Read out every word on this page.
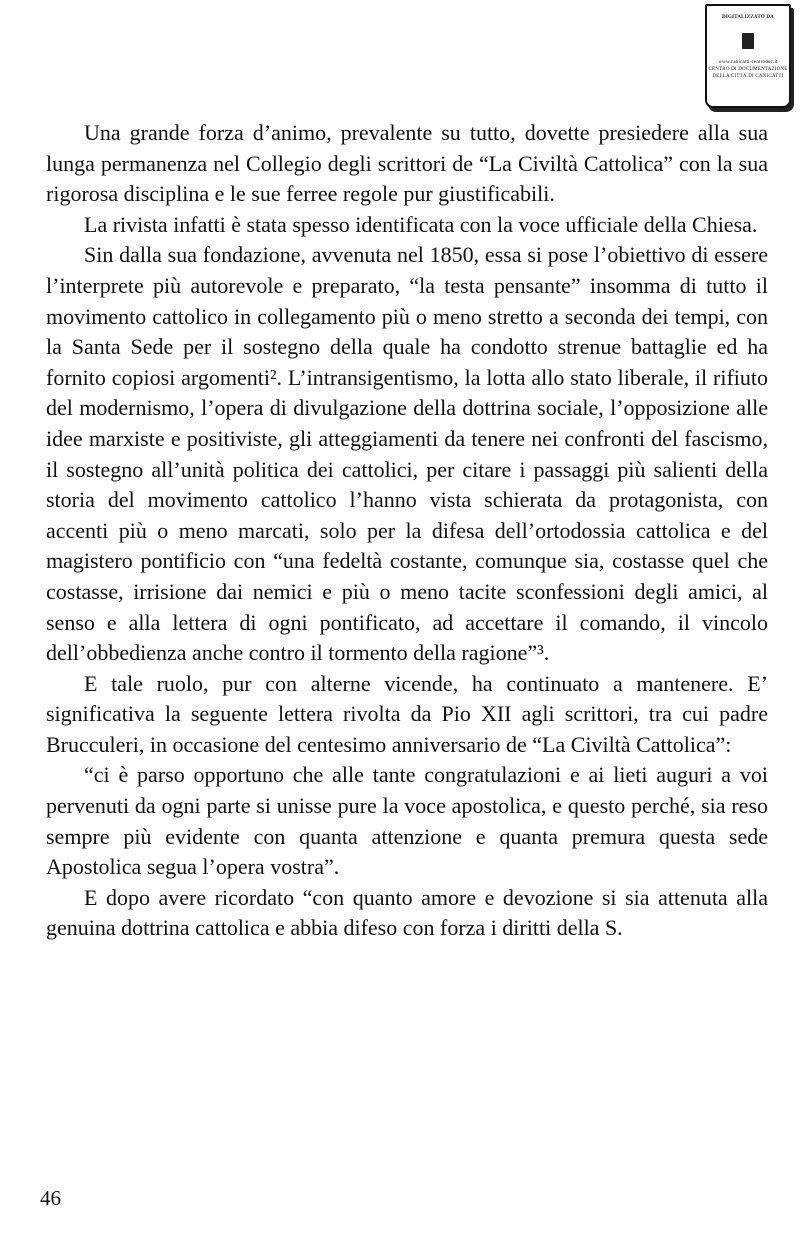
DIGITALIZZATO DA
www.canicatti-centrodoc.it
CENTRO DI DOCUMENTAZIONE
DELLA CITTÀ DI CANICATTÌ

Una grande forza d’animo, prevalente su tutto, dovette presiedere alla sua lunga permanenza nel Collegio degli scrittori de “La Civiltà Cattolica” con la sua rigorosa disciplina e le sue ferree regole pur giustificabili.

La rivista infatti è stata spesso identificata con la voce ufficiale della Chiesa.

Sin dalla sua fondazione, avvenuta nel 1850, essa si pose l’obiettivo di essere l’interprete più autorevole e preparato, “la testa pensante” insomma di tutto il movimento cattolico in collegamento più o meno stretto a seconda dei tempi, con la Santa Sede per il sostegno della quale ha condotto strenue battaglie ed ha fornito copiosi argomenti². L’intransigentismo, la lotta allo stato liberale, il rifiuto del modernismo, l’opera di divulgazione della dottrina sociale, l’opposizione alle idee marxiste e positiviste, gli atteggiamenti da tenere nei confronti del fascismo, il sostegno all’unità politica dei cattolici, per citare i passaggi più salienti della storia del movimento cattolico l’hanno vista schierata da protagonista, con accenti più o meno marcati, solo per la difesa dell’ortodossia cattolica e del magistero pontificio con “una fedeltà costante, comunque sia, costasse quel che costasse, irrisione dai nemici e più o meno tacite sconfessioni degli amici, al senso e alla lettera di ogni pontificato, ad accettare il comando, il vincolo dell’obbedienza anche contro il tormento della ragione”³.

E tale ruolo, pur con alterne vicende, ha continuato a mantenere. E’ significativa la seguente lettera rivolta da Pio XII agli scrittori, tra cui padre Brucculeri, in occasione del centesimo anniversario de “La Civiltà Cattolica”:

“ci è parso opportuno che alle tante congratulazioni e ai lieti auguri a voi pervenuti da ogni parte si unisse pure la voce apostolica, e questo perché, sia reso sempre più evidente con quanta attenzione e quanta premura questa sede Apostolica segua l’opera vostra”.

E dopo avere ricordato “con quanto amore e devozione si sia attenuta alla genuina dottrina cattolica e abbia difeso con forza i diritti della S.

46
